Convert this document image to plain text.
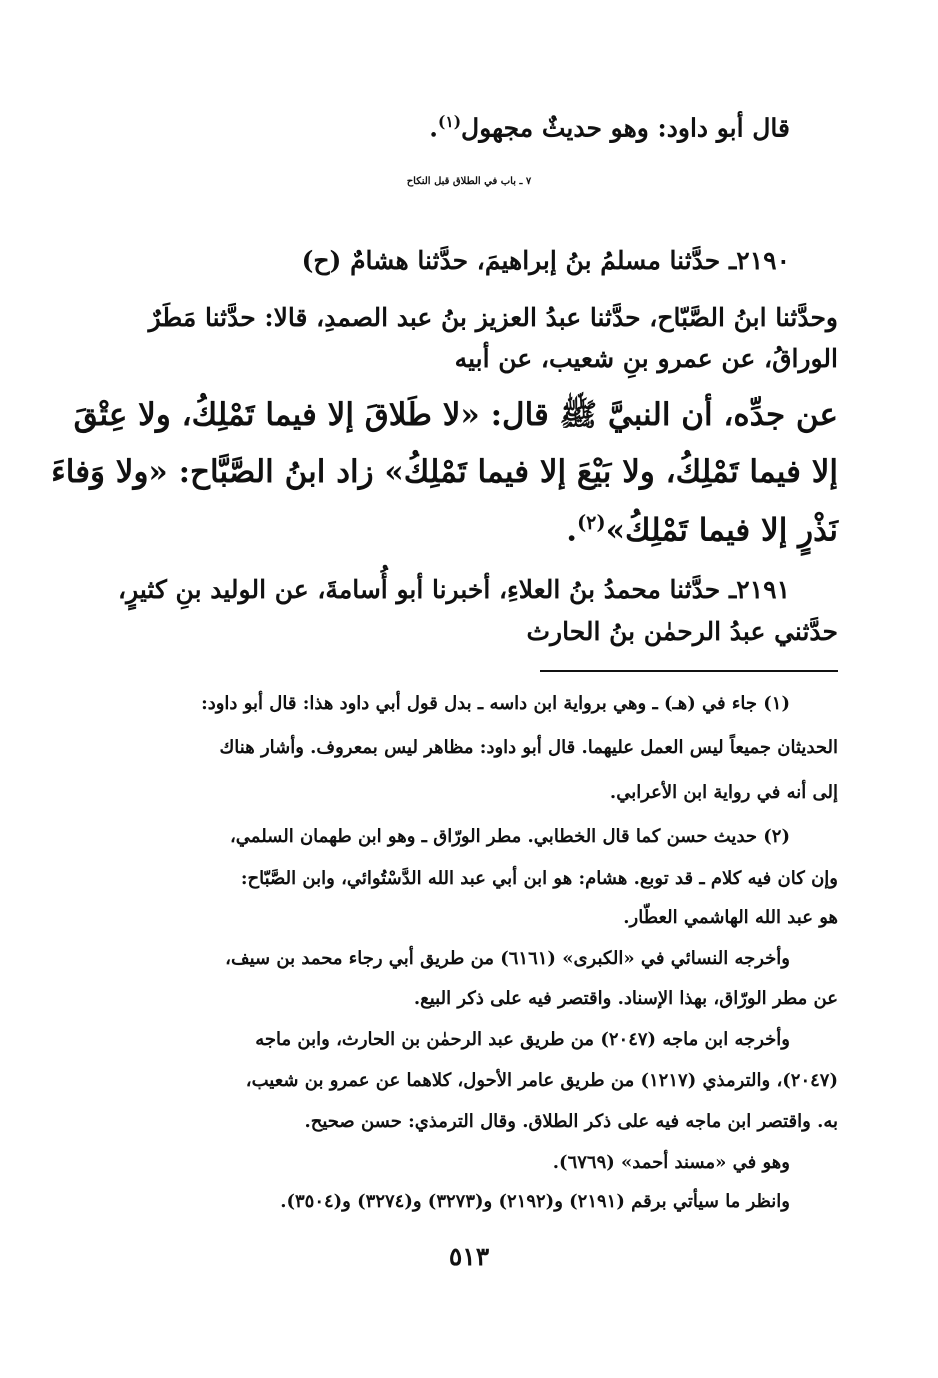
قال أبو داود: وهو حديثٌ مجهول$^{(١)}$.
٧ ـ باب في الطلاق قبل النكاح
٢١٩٠ـ حدَّثنا مسلمُ بنُ إبراهيمَ، حدَّثنا هشامٌ (ح)
وحدَّثنا ابنُ الصَّبّاح، حدَّثنا عبدُ العزيز بنُ عبد الصمدِ، قالا: حدَّثنا مَطَرٌ
الوراقُ، عن عمرو بنِ شعيب، عن أبيه
عن جدِّه، أن النبيَّ ﷺ قال: «لا طَلاقَ إلا فيما تَمْلِكُ، ولا عِتْقَ
إلا فيما تَمْلِكُ، ولا بَيْعَ إلا فيما تَمْلِكُ» زاد ابنُ الصَّبَّاح: «ولا وَفاءَ
نَذْرٍ إلا فيما تَمْلِكُ»$^{(٢)}$.
٢١٩١ـ حدَّثنا محمدُ بنُ العلاءِ، أخبرنا أبو أُسامةَ، عن الوليد بنِ كثيرٍ،
حدَّثني عبدُ الرحمٰن بنُ الحارث
(١) جاء في (هـ) ـ وهي برواية ابن داسه ـ بدل قول أبي داود هذا: قال أبو داود:
الحديثان جميعاً ليس العمل عليهما. قال أبو داود: مظاهر ليس بمعروف. وأشار هناك
إلى أنه في رواية ابن الأعرابي.
(٢) حديث حسن كما قال الخطابي. مطر الورّاق ـ وهو ابن طهمان السلمي،
وإن كان فيه كلام ـ قد توبع. هشام: هو ابن أبي عبد الله الدَّسْتُوائي، وابن الصَّبّاح:
هو عبد الله الهاشمي العطّار.
وأخرجه النسائي في «الكبرى» (٦١٦١) من طريق أبي رجاء محمد بن سيف،
عن مطر الورّاق، بهذا الإسناد. واقتصر فيه على ذكر البيع.
وأخرجه ابن ماجه (٢٠٤٧) من طريق عبد الرحمٰن بن الحارث، وابن ماجه
(٢٠٤٧)، والترمذي (١٢١٧) من طريق عامر الأحول، كلاهما عن عمرو بن شعيب،
به. واقتصر ابن ماجه فيه على ذكر الطلاق. وقال الترمذي: حسن صحيح.
وهو في «مسند أحمد» (٦٧٦٩).
وانظر ما سيأتي برقم (٢١٩١) و(٢١٩٢) و(٣٢٧٣) و(٣٢٧٤) و(٣٥٠٤).
٥١٣
